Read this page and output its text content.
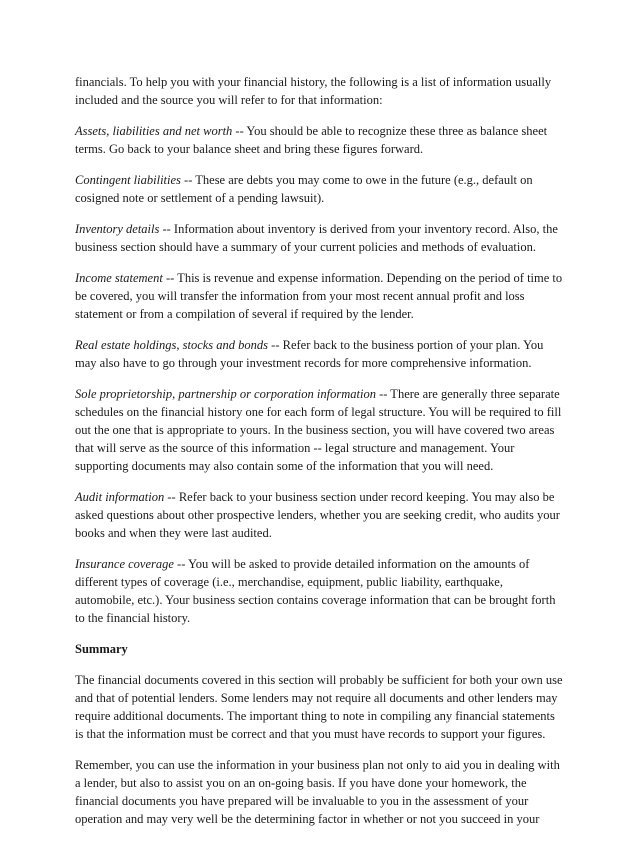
financials. To help you with your financial history, the following is a list of information usually included and the source you will refer to for that information:

Assets, liabilities and net worth -- You should be able to recognize these three as balance sheet terms. Go back to your balance sheet and bring these figures forward.

Contingent liabilities -- These are debts you may come to owe in the future (e.g., default on cosigned note or settlement of a pending lawsuit).

Inventory details -- Information about inventory is derived from your inventory record. Also, the business section should have a summary of your current policies and methods of evaluation.

Income statement -- This is revenue and expense information. Depending on the period of time to be covered, you will transfer the information from your most recent annual profit and loss statement or from a compilation of several if required by the lender.

Real estate holdings, stocks and bonds -- Refer back to the business portion of your plan. You may also have to go through your investment records for more comprehensive information.

Sole proprietorship, partnership or corporation information -- There are generally three separate schedules on the financial history one for each form of legal structure. You will be required to fill out the one that is appropriate to yours. In the business section, you will have covered two areas that will serve as the source of this information -- legal structure and management. Your supporting documents may also contain some of the information that you will need.

Audit information -- Refer back to your business section under record keeping. You may also be asked questions about other prospective lenders, whether you are seeking credit, who audits your books and when they were last audited.

Insurance coverage -- You will be asked to provide detailed information on the amounts of different types of coverage (i.e., merchandise, equipment, public liability, earthquake, automobile, etc.). Your business section contains coverage information that can be brought forth to the financial history.

Summary

The financial documents covered in this section will probably be sufficient for both your own use and that of potential lenders. Some lenders may not require all documents and other lenders may require additional documents. The important thing to note in compiling any financial statements is that the information must be correct and that you must have records to support your figures.

Remember, you can use the information in your business plan not only to aid you in dealing with a lender, but also to assist you on an on-going basis. If you have done your homework, the financial documents you have prepared will be invaluable to you in the assessment of your operation and may very well be the determining factor in whether or not you succeed in your
